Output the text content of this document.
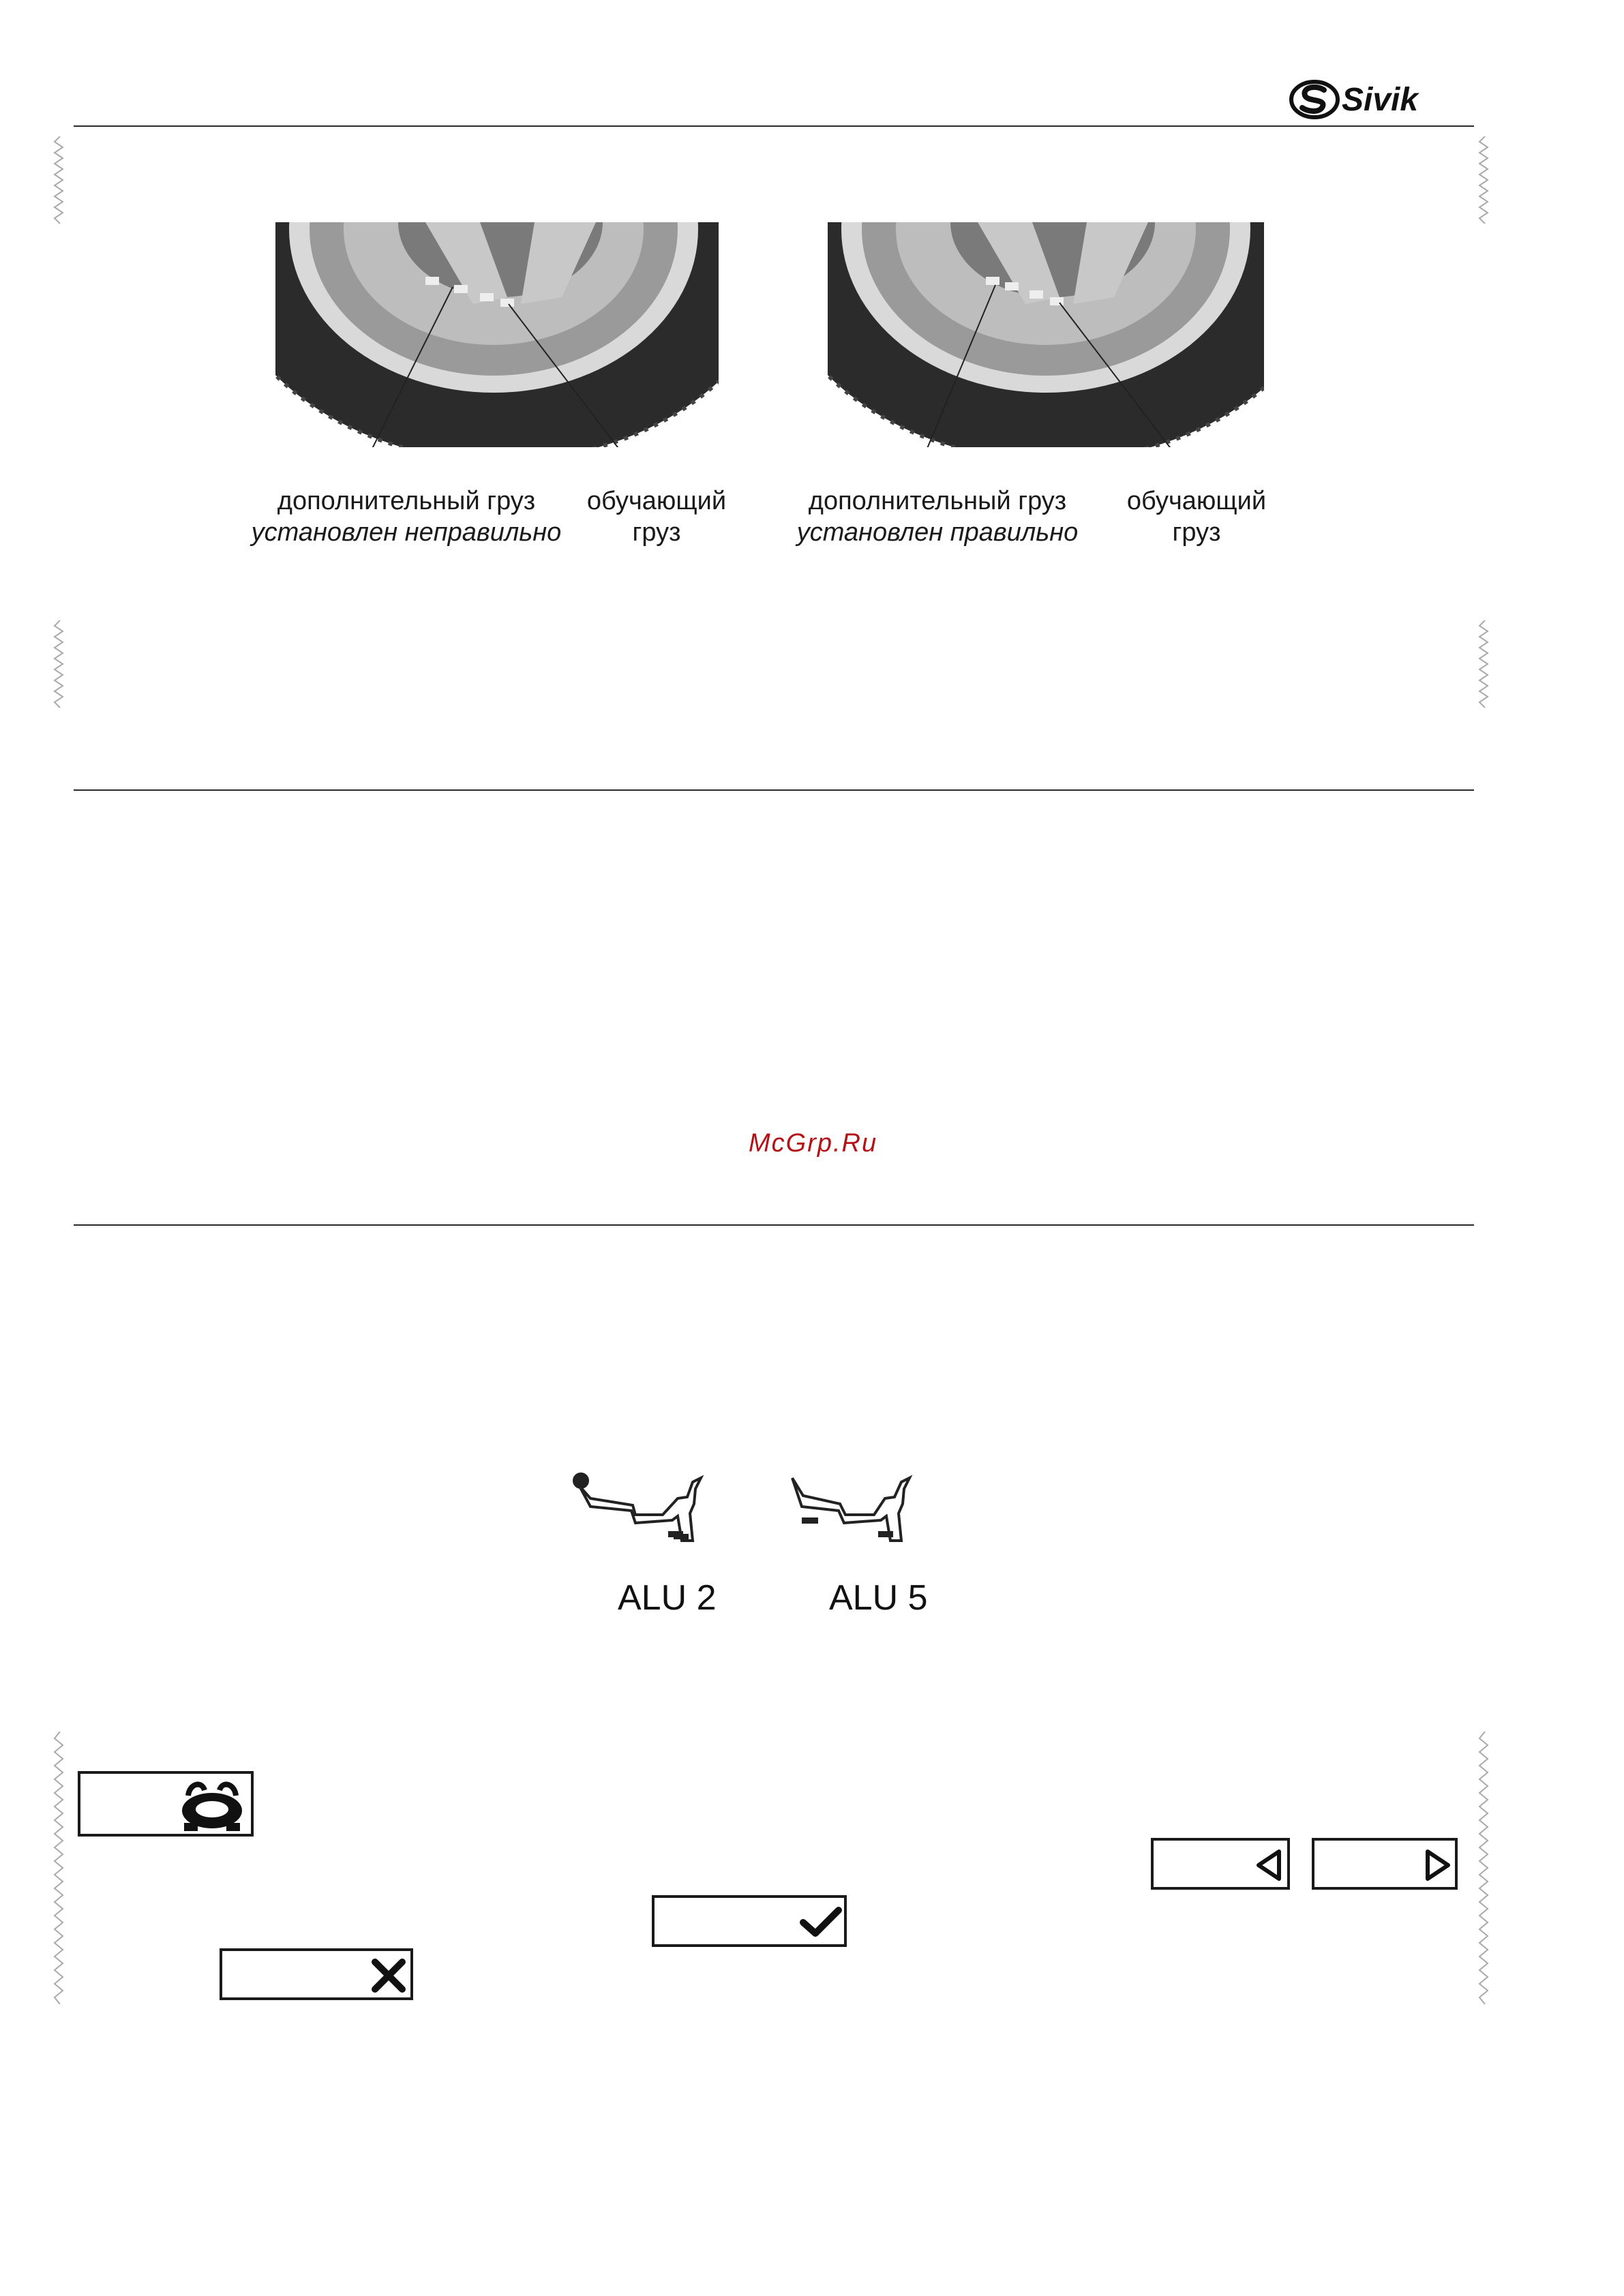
Sivik
дополнительный груз
установлен неправильно
обучающий
груз
дополнительный груз
установлен правильно
обучающий
груз
McGrp.Ru
ALU 2	ALU 5
